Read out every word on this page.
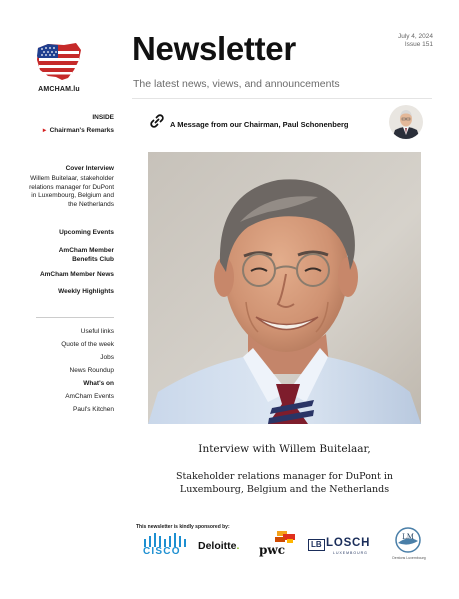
AMCHAM.lu
Newsletter
The latest news, views, and announcements
July 4, 2024
Issue 151
INSIDE
► Chairman's Remarks
Cover Interview
Willem Buitelaar, stakeholder relations manager for DuPont in Luxembourg, Belgium and the Netherlands
Upcoming Events
AmCham Member Benefits Club
AmCham Member News
Weekly Highlights
Useful links
Quote of the week
Jobs
News Roundup
What's on
AmCham Events
Paul's Kitchen
A Message from our Chairman, Paul Schonenberg
Interview with Willem Buitelaar,
Stakeholder relations manager for DuPont in Luxembourg, Belgium and the Netherlands
This newsletter is kindly sponsored by:
CISCO Deloitte. pwc	LB LOSCH
LUXEMBOURG
LM
Dentons Luxembourg
